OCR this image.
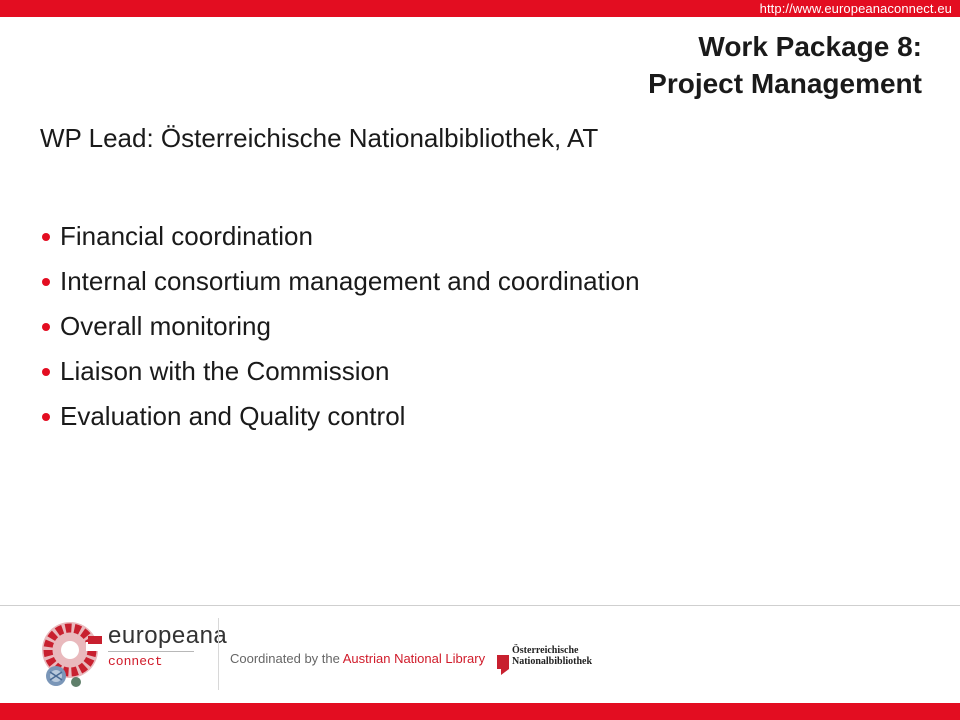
http://www.europeanaconnect.eu
Work Package 8:
Project Management
WP Lead: Österreichische Nationalbibliothek, AT
Financial coordination
Internal consortium management and coordination
Overall monitoring
Liaison with the Commission
Evaluation and Quality control
europeana
connect	Coordinated by the Austrian National Library
Österreichische
Nationalbibliothek
